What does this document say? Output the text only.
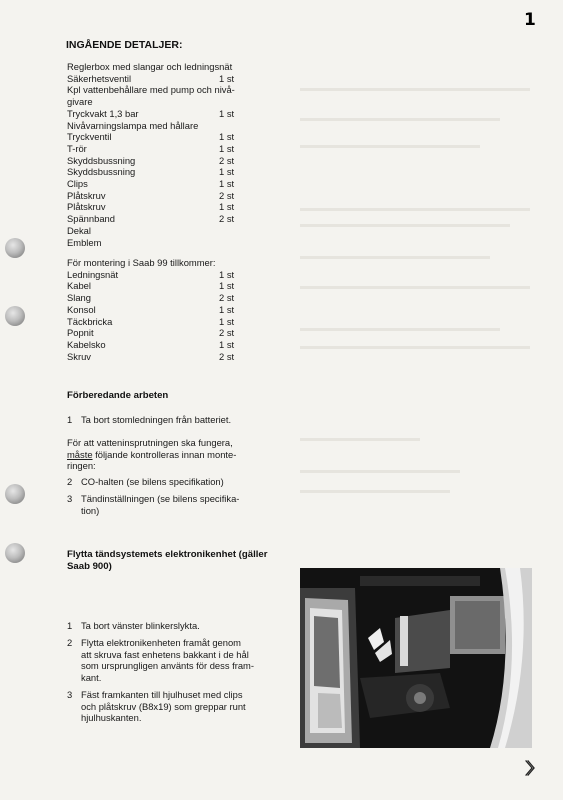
1
INGÅENDE DETALJER:
Reglerbox med slangar och ledningsnät
Säkerhetsventil	1 st
Kpl vattenbehållare med pump och nivå-
givare
Tryckvakt 1,3 bar	1 st
Nivåvarningslampa med hållare
Tryckventil	1 st
T-rör	1 st
Skyddsbussning	2 st
Skyddsbussning	1 st
Clips	1 st
Plåtskruv	2 st
Plåtskruv	1 st
Spännband	2 st
Dekal
Emblem
För montering i Saab 99 tillkommer:
Ledningsnät	1 st
Kabel	1 st
Slang	2 st
Konsol	1 st
Täckbricka	1 st
Popnit	2 st
Kabelsko	1 st
Skruv	2 st
Förberedande arbeten
1 Ta bort stomledningen från batteriet.
För att vatteninsprutningen ska fungera,
måste följande kontrolleras innan monte-
ringen:
2 CO-halten (se bilens specifikation)
3 Tändinställningen (se bilens specifika-
tion)
Flytta tändsystemets elektronikenhet (gäller
Saab 900)
1 Ta bort vänster blinkerslykta.
2 Flytta elektronikenheten framåt genom
att skruva fast enhetens bakkant i de hål
som ursprungligen använts för dess fram-
kant.
3 Fäst framkanten till hjulhuset med clips
och plåtskruv (B8x19) som greppar runt
hjulhuskanten.
〉〉
